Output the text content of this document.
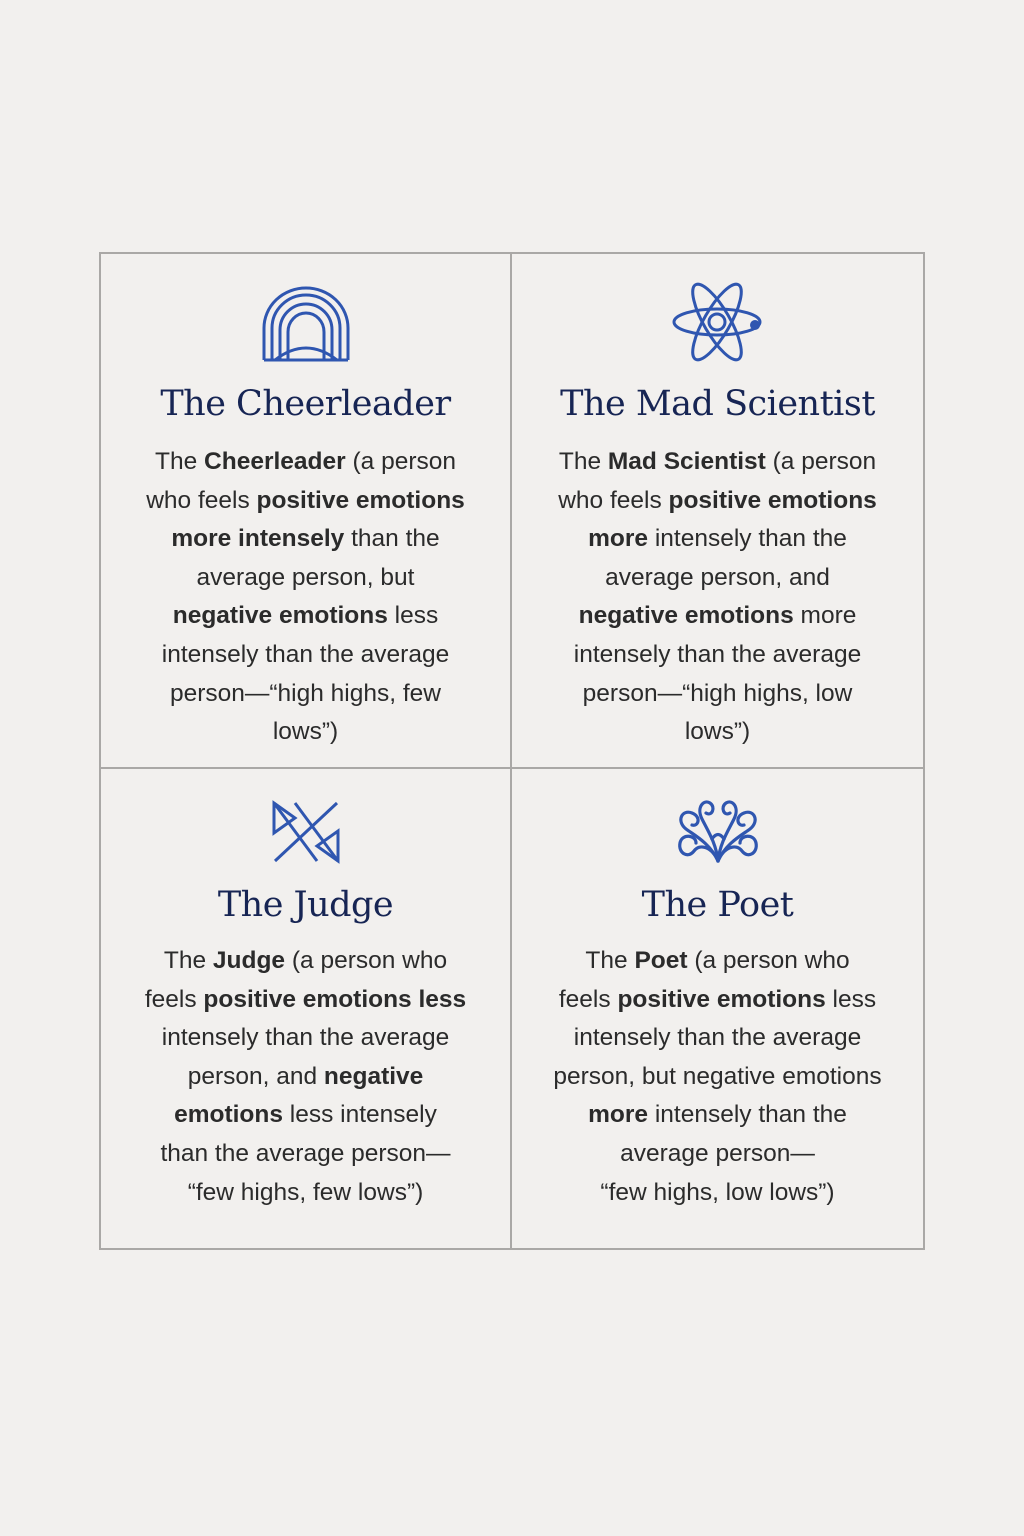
The Cheerleader
The Cheerleader (a person
who feels positive emotions
more intensely than the
average person, but
negative emotions less
intensely than the average
person—“high highs, few
lows”)
The Mad Scientist
The Mad Scientist (a person
who feels positive emotions
more intensely than the
average person, and
negative emotions more
intensely than the average
person—“high highs, low
lows”)
The Judge
The Judge (a person who
feels positive emotions less
intensely than the average
person, and negative
emotions less intensely
than the average person—
“few highs, few lows”)
The Poet
The Poet (a person who
feels positive emotions less
intensely than the average
person, but negative emotions
more intensely than the
average person—
“few highs, low lows”)
